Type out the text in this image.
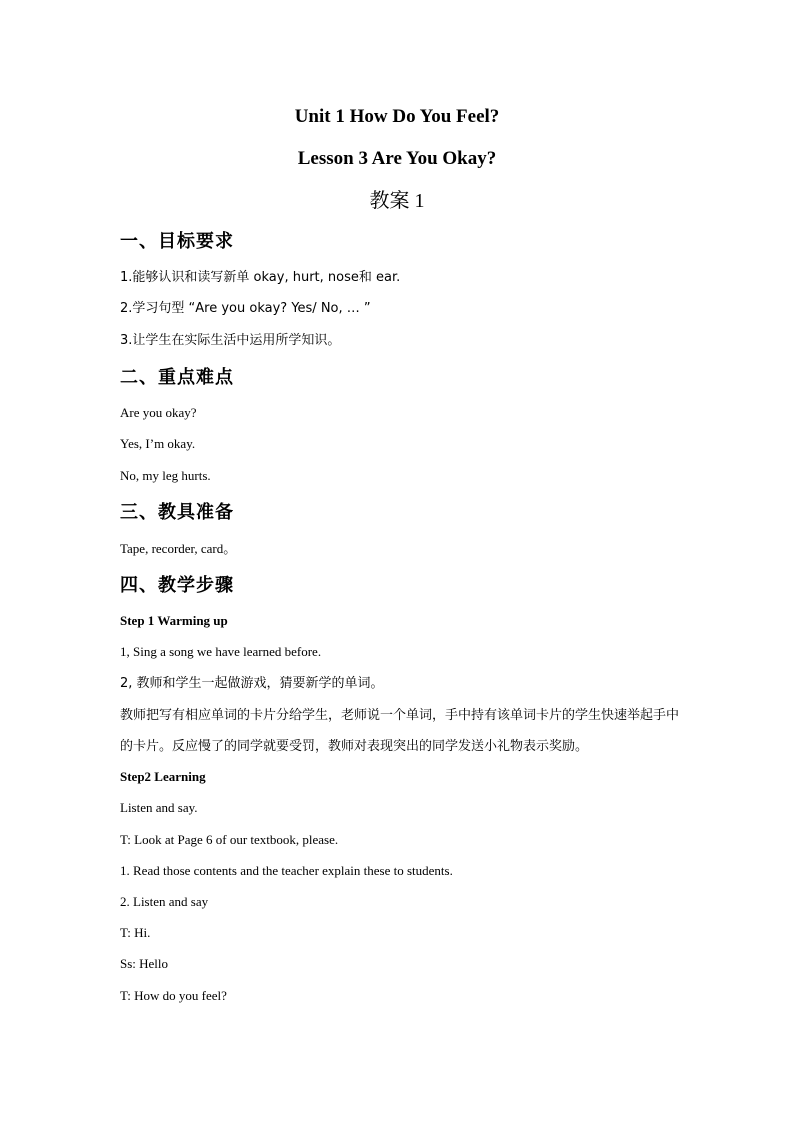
Unit 1 How Do You Feel?
Lesson 3 Are You Okay?
教案 1
一、目标要求

1.能够认识和读写新单 okay, hurt, nose和 ear.

2.学习句型 “Are you okay? Yes/ No, … ”

3.让学生在实际生活中运用所学知识。

二、重点难点

Are you okay?

Yes, I’m okay.

No, my leg hurts.

三、教具准备

Tape, recorder, card。

四、教学步骤

Step 1 Warming up

1, Sing a song we have learned before.

2, 教师和学生一起做游戏，猜要新学的单词。

教师把写有相应单词的卡片分给学生，老师说一个单词，手中持有该单词卡片的学生快速举起手中的卡片。反应慢了的同学就要受罚，教师对表现突出的同学发送小礼物表示奖励。

Step2 Learning

Listen and say.

T: Look at Page 6 of our textbook, please.

1. Read those contents and the teacher explain these to students.

2. Listen and say

T: Hi.

Ss: Hello

T: How do you feel?
